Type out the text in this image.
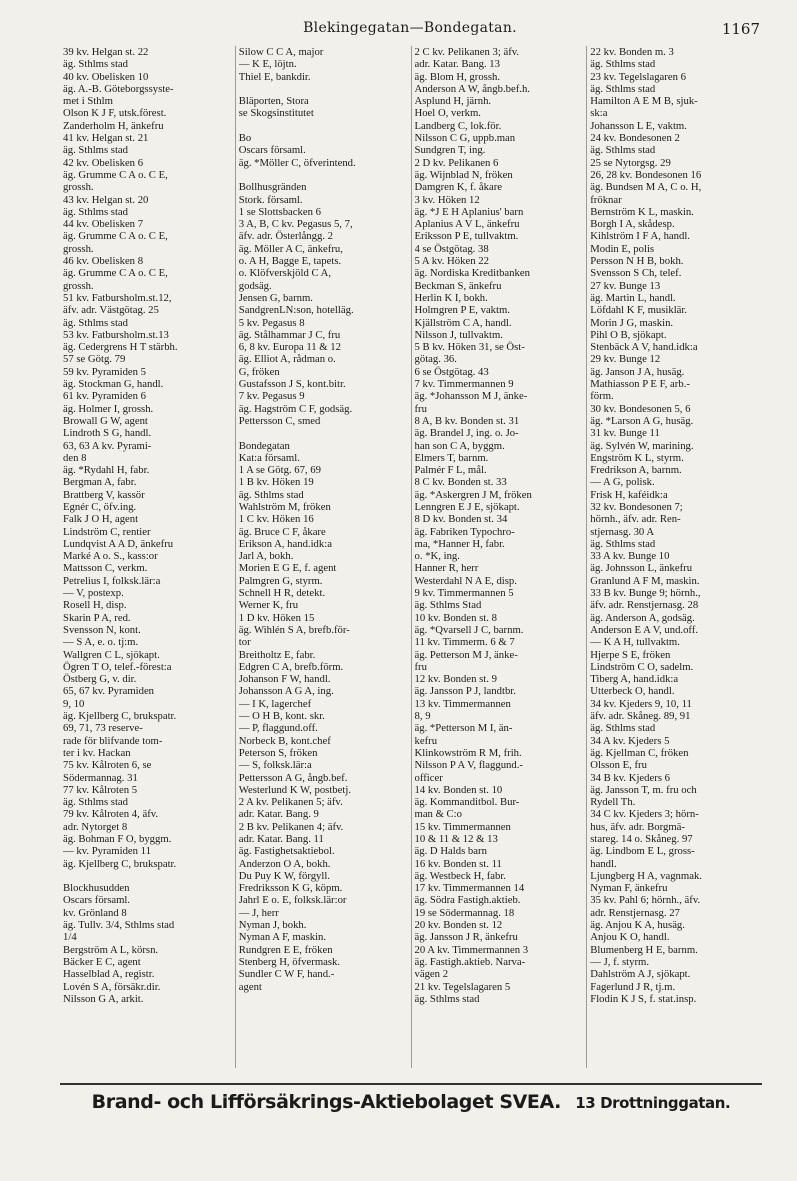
Blekingegatan—Bondegatan.	1167
39 kv. Helgan st. 22
äg. Sthlms stad
40 kv. Obelisken 10
äg. A.-B. Göteborgssyste-
met i Sthlm
Olson K J F, utsk.förest.
Zanderholm H, änkefru
41 kv. Helgan st. 21
äg. Sthlms stad
42 kv. Obelisken 6
äg. Grumme C A o. C E,
grossh.
43 kv. Helgan st. 20
äg. Sthlms stad
44 kv. Obelisken 7
äg. Grumme C A o. C E,
grossh.
46 kv. Obelisken 8
äg. Grumme C A o. C E,
grossh.
51 kv. Fatbursholm.st.12,
äfv. adr. Västgötag. 25
äg. Sthlms stad
53 kv. Fatbursholm.st.13
äg. Cedergrens H T stärbh.
57 se Götg. 79
59 kv. Pyramiden 5
äg. Stockman G, handl.
61 kv. Pyramiden 6
äg. Holmer I, grossh.
Browall G W, agent
Lindroth S G, handl.
63, 63 A kv. Pyrami-
den 8
äg. *Rydahl H, fabr.
Bergman A, fabr.
Brattberg V, kassör
Egnér C, öfv.ing.
Falk J O H, agent
Lindström C, rentier
Lundqvist A A D, änkefru
Marké A o. S., kass:or
Mattsson C, verkm.
Petrelius I, folksk.lär:a
— V, postexp.
Rosell H, disp.
Skarin P A, red.
Svensson N, kont.
— S A, e. o. tj:m.
Wallgren C L, sjökapt.
Ögren T O, telef.-förest:a
Östberg G, v. dir.
65, 67 kv. Pyramiden
9, 10
äg. Kjellberg C, brukspatr.
69, 71, 73 reserve-
rade för blifvande tom-
ter i kv. Hackan
75 kv. Kålroten 6, se
Södermannag. 31
77 kv. Kålroten 5
äg. Sthlms stad
79 kv. Kålroten 4, äfv.
adr. Nytorget 8
äg. Bohman F O, byggm.
— kv. Pyramiden 11
äg. Kjellberg C, brukspatr.

Blockhusudden
Oscars församl.
kv. Grönland 8
äg. Tullv. 3/4, Sthlms stad
1/4
Bergström A L, körsn.
Bäcker E C, agent
Hasselblad A, registr.
Lovén S A, försäkr.dir.
Nilsson G A, arkit.
Silow C C A, major
— K E, löjtn.
Thiel E, bankdir.

Bläporten, Stora
se Skogsinstitutet

Bo
Oscars församl.
äg. *Möller C, öfverintend.

Bollhusgränden
Stork. församl.
1 se Slottsbacken 6
3 A, B, C kv. Pegasus 5, 7,
äfv. adr. Österlångg. 2
äg. Möller A C, änkefru,
o. A H, Bagge E, tapets.
o. Klöfverskjöld C A,
godsäg.
Jensen G, barnm.
SandgrenLN:son, hotelläg.
5 kv. Pegasus 8
äg. Stålhammar J C, fru
6, 8 kv. Europa 11 & 12
äg. Elliot A, rådman o.
G, fröken
Gustafsson J S, kont.bitr.
7 kv. Pegasus 9
äg. Hagström C F, godsäg.
Pettersson C, smed

Bondegatan
Kat:a församl.
1 A se Götg. 67, 69
1 B kv. Höken 19
äg. Sthlms stad
Wahlström M, fröken
1 C kv. Höken 16
äg. Bruce C F, åkare
Erikson A, hand.idk:a
Jarl A, bokh.
Morien E G E, f. agent
Palmgren G, styrm.
Schnell H R, detekt.
Werner K, fru
1 D kv. Höken 15
äg. Wihlén S A, brefb.för-
tor
Breitholtz E, fabr.
Edgren C A, brefb.förm.
Johanson F W, handl.
Johansson A G A, ing.
— I K, lagerchef
— O H B, kont. skr.
— P, flaggund.off.
Norbeck B, kont.chef
Peterson S, fröken
— S, folksk.lär:a
Pettersson A G, ångb.bef.
Westerlund K W, postbetj.
2 A kv. Pelikanen 5; äfv.
adr. Katar. Bang. 9
2 B kv. Pelikanen 4; äfv.
adr. Katar. Bang. 11
äg. Fastighetsaktiebol.
Anderzon O A, bokh.
Du Puy K W, förgyll.
Fredriksson K G, köpm.
Jahrl E o. E, folksk.lär:or
— J, herr
Nyman J, bokh.
Nyman A F, maskin.
Rundgren E E, fröken
Stenberg H, öfvermask.
Sundler C W F, hand.-
agent
2 C kv. Pelikanen 3; äfv.
adr. Katar. Bang. 13
äg. Blom H, grossh.
Anderson A W, ångb.bef.h.
Asplund H, järnh.
Hoel O, verkm.
Landberg C, lok.för.
Nilsson C G, uppb.man
Sundgren T, ing.
2 D kv. Pelikanen 6
äg. Wijnblad N, fröken
Damgren K, f. åkare
3 kv. Höken 12
äg. *J E H Aplanius' barn
Aplanius A V L, änkefru
Eriksson P E, tullvaktm.
4 se Östgötag. 38
5 A kv. Höken 22
äg. Nordiska Kreditbanken
Beckman S, änkefru
Herlin K I, bokh.
Holmgren P E, vaktm.
Kjällström C A, handl.
Nilsson J, tullvaktm.
5 B kv. Höken 31, se Öst-
götag. 36.
6 se Östgötag. 43
7 kv. Timmermannen 9
äg. *Johansson M J, änke-
fru
8 A, B kv. Bonden st. 31
äg. Brandel J, ing. o. Jo-
han son C A, byggm.
Elmers T, barnm.
Palmér F L, mål.
8 C kv. Bonden st. 33
äg. *Askergren J M, fröken
Lenngren E J E, sjökapt.
8 D kv. Bonden st. 34
äg. Fabriken Typochro-
ma, *Hanner H, fabr.
o. *K, ing.
Hanner R, herr
Westerdahl N A E, disp.
9 kv. Timmermannen 5
äg. Sthlms Stad
10 kv. Bonden st. 8
äg. *Qvarsell J C, barnm.
11 kv. Timmerm. 6 & 7
äg. Petterson M J, änke-
fru
12 kv. Bonden st. 9
äg. Jansson P J, landtbr.
13 kv. Timmermannen
8, 9
äg. *Petterson M I, än-
kefru
Klinkowström R M, frih.
Nilsson P A V, flaggund.-
officer
14 kv. Bonden st. 10
äg. Kommanditbol. Bur-
man & C:o
15 kv. Timmermannen
10 & 11 & 12 & 13
äg. D Halds barn
16 kv. Bonden st. 11
äg. Westbeck H, fabr.
17 kv. Timmermannen 14
äg. Södra Fastigh.aktieb.
19 se Södermannag. 18
20 kv. Bonden st. 12
äg. Jansson J R, änkefru
20 A kv. Timmermannen 3
äg. Fastigh.aktieb. Narva-
vägen 2
21 kv. Tegelslagaren 5
äg. Sthlms stad
22 kv. Bonden m. 3
äg. Sthlms stad
23 kv. Tegelslagaren 6
äg. Sthlms stad
Hamilton A E M B, sjuk-
sk:a
Johansson L E, vaktm.
24 kv. Bondesonen 2
äg. Sthlms stad
25 se Nytorgsg. 29
26, 28 kv. Bondesonen 16
äg. Bundsen M A, C o. H,
fröknar
Bernström K L, maskin.
Borgh I A, skådesp.
Kihlström I F A, handl.
Modin E, polis
Persson N H B, bokh.
Svensson S Ch, telef.
27 kv. Bunge 13
äg. Martin L, handl.
Löfdahl K F, musiklär.
Morin J G, maskin.
Pihl O B, sjökapt.
Stenbäck A V, hand.idk:a
29 kv. Bunge 12
äg. Janson J A, husäg.
Mathiasson P E F, arb.-
förm.
30 kv. Bondesonen 5, 6
äg. *Larson A G, husäg.
31 kv. Bunge 11
äg. Sylvén W, marining.
Engström K L, styrm.
Fredrikson A, barnm.
— A G, polisk.
Frisk H, kaféidk:a
32 kv. Bondesonen 7;
hörnh., äfv. adr. Ren-
stjernasg. 30 A
äg. Sthlms stad
33 A kv. Bunge 10
äg. Johnsson L, änkefru
Granlund A F M, maskin.
33 B kv. Bunge 9; hörnh.,
äfv. adr. Renstjernasg. 28
äg. Anderson A, godsäg.
Anderson E A V, und.off.
— K A H, tullvaktm.
Hjerpe S E, fröken
Lindström C O, sadelm.
Tiberg A, hand.idk:a
Utterbeck O, handl.
34 kv. Kjeders 9, 10, 11
äfv. adr. Skåneg. 89, 91
äg. Sthlms stad
34 A kv. Kjeders 5
äg. Kjellman C, fröken
Olsson E, fru
34 B kv. Kjeders 6
äg. Jansson T, m. fru och
Rydell Th.
34 C kv. Kjeders 3; hörn-
hus, äfv. adr. Borgmä-
stareg. 14 o. Skåneg. 97
äg. Lindbom E L, gross-
handl.
Ljungberg H A, vagnmak.
Nyman F, änkefru
35 kv. Pahl 6; hörnh., äfv.
adr. Renstjernasg. 27
äg. Anjou K A, husäg.
Anjou K O, handl.
Blumenberg H E, barnm.
— J, f. styrm.
Dahlström A J, sjökapt.
Fagerlund J R, tj.m.
Flodin K J S, f. stat.insp.
Brand- och Lifförsäkrings-Aktiebolaget SVEA. 13 Drottninggatan.
